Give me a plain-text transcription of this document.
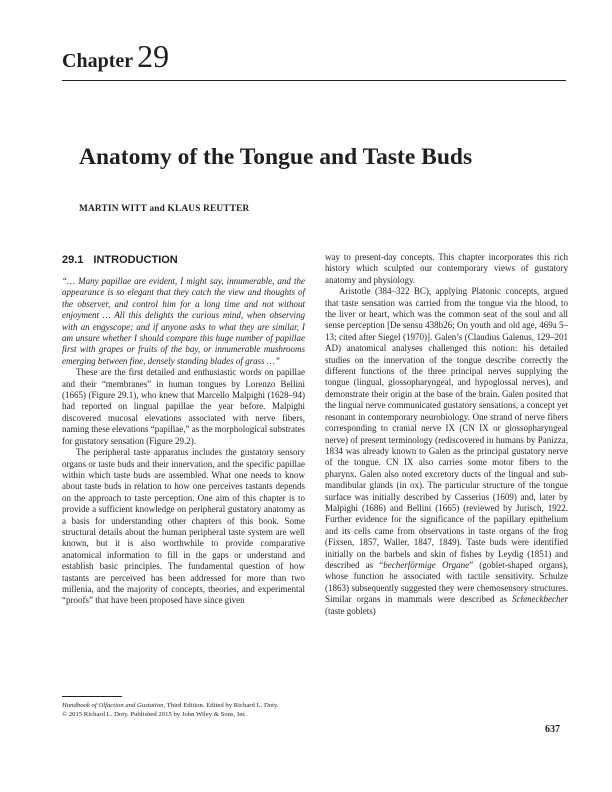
Chapter 29
Anatomy of the Tongue and Taste Buds
MARTIN WITT and KLAUS REUTTER
29.1 INTRODUCTION

“… Many papillae are evident, I might say, innumerable, and the appearance is so elegant that they catch the view and thoughts of the observer, and control him for a long time and not without enjoyment … All this delights the curious mind, when observing with an engyscope; and if anyone asks to what they are similar, I am unsure whether I should compare this huge number of papillae first with grapes or fruits of the bay, or innumerable mushrooms emerging between fine, densely standing blades of grass …”

These are the first detailed and enthusiastic words on papillae and their “membranes” in human tongues by Lorenzo Bellini (1665) (Figure 29.1), who knew that Marcello Malpighi (1628–94) had reported on lingual papillae the year before. Malpighi discovered mucosal elevations associated with nerve fibers, naming these elevations “papillae,” as the morphological substrates for gustatory sensation (Figure 29.2).

The peripheral taste apparatus includes the gustatory sensory organs or taste buds and their innervation, and the specific papillae within which taste buds are assembled. What one needs to know about taste buds in relation to how one perceives tastants depends on the approach to taste perception. One aim of this chapter is to provide a sufficient knowledge on peripheral gustatory anatomy as a basis for understanding other chapters of this book. Some structural details about the human peripheral taste system are well known, but it is also worthwhile to provide comparative anatomical information to fill in the gaps or understand and establish basic principles. The fundamental question of how tastants are perceived has been addressed for more than two millenia, and the majority of concepts, theories, and experimental “proofs” that have been proposed have since given

way to present-day concepts. This chapter incorporates this rich history which sculpted our contemporary views of gustatory anatomy and physiology.

Aristotle (384–322 BC), applying Platonic concepts, argued that taste sensation was carried from the tongue via the blood, to the liver or heart, which was the common seat of the soul and all sense perception [De sensu 438b26; On youth and old age, 469a 5–13; cited after Siegel (1970)]. Galen’s (Claudius Galenus, 129–201 AD) anatomical analyses challenged this notion: his detailed studies on the innervation of the tongue describe correctly the different functions of the three principal nerves supplying the tongue (lingual, glossopharyngeal, and hypoglossal nerves), and demonstrate their origin at the base of the brain. Galen posited that the lingual nerve communicated gustatory sensations, a concept yet resonant in contemporary neurobiology. One strand of nerve fibers corresponding to cranial nerve IX (CN IX or glossopharyngeal nerve) of present terminology (rediscovered in humans by Panizza, 1834 was already known to Galen as the principal gustatory nerve of the tongue. CN IX also carries some motor fibers to the pharynx. Galen also noted excretory ducts of the lingual and sub-mandibular glands (in ox). The particular structure of the tongue surface was initially described by Casserius (1609) and, later by Malpighi (1686) and Bellini (1665) (reviewed by Jurisch, 1922. Further evidence for the significance of the papillary epithelium and its cells came from observations in taste organs of the frog (Fixsen, 1857, Waller, 1847, 1849). Taste buds were identified initially on the barbels and skin of fishes by Leydig (1851) and described as “becherförmige Organe” (goblet-shaped organs), whose function he associated with tactile sensitivity. Schulze (1863) subsequently suggested they were chemosensory structures. Similar organs in mammals were described as Schmeckbecher (taste goblets)

Handbook of Olfaction and Gustation, Third Edition. Edited by Richard L. Doty.
© 2015 Richard L. Doty. Published 2015 by John Wiley & Sons, Inc.
637
